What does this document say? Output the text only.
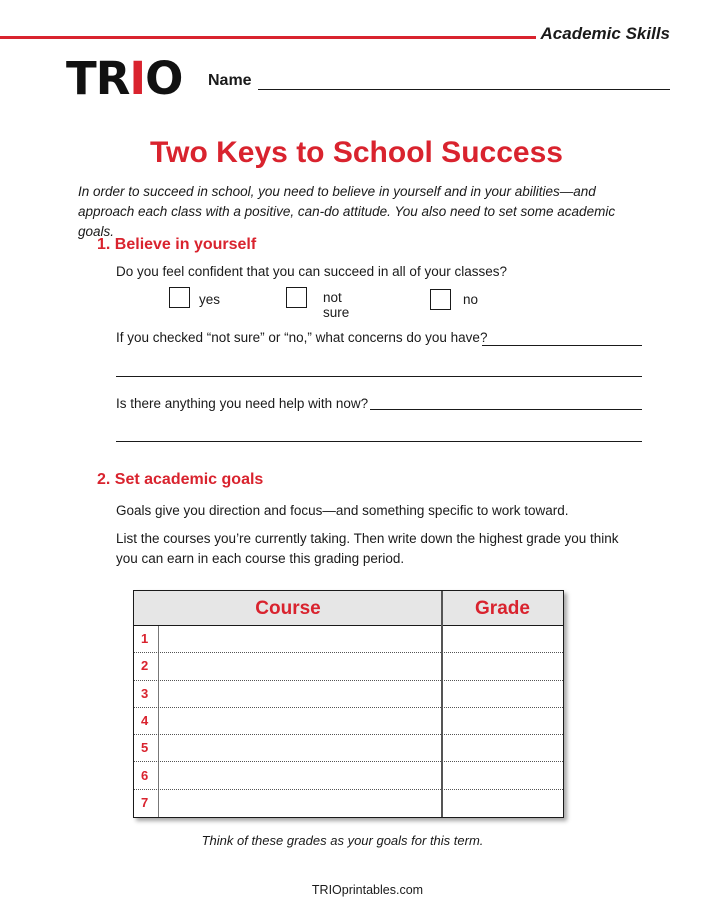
Academic Skills
TRIO Name
Two Keys to School Success
In order to succeed in school, you need to believe in yourself and in your abilities—and approach each class with a positive, can-do attitude. You also need to set some academic goals.
1. Believe in yourself
Do you feel confident that you can succeed in all of your classes?
yes	not sure
no
If you checked “not sure” or “no,” what concerns do you have?
Is there anything you need help with now?
2. Set academic goals
Goals give you direction and focus—and something specific to work toward.
List the courses you’re currently taking. Then write down the highest grade you think you can earn in each course this grading period.
Course	Grade
1
2
3
4
5
6
7
Think of these grades as your goals for this term.
TRIOprintables.com
